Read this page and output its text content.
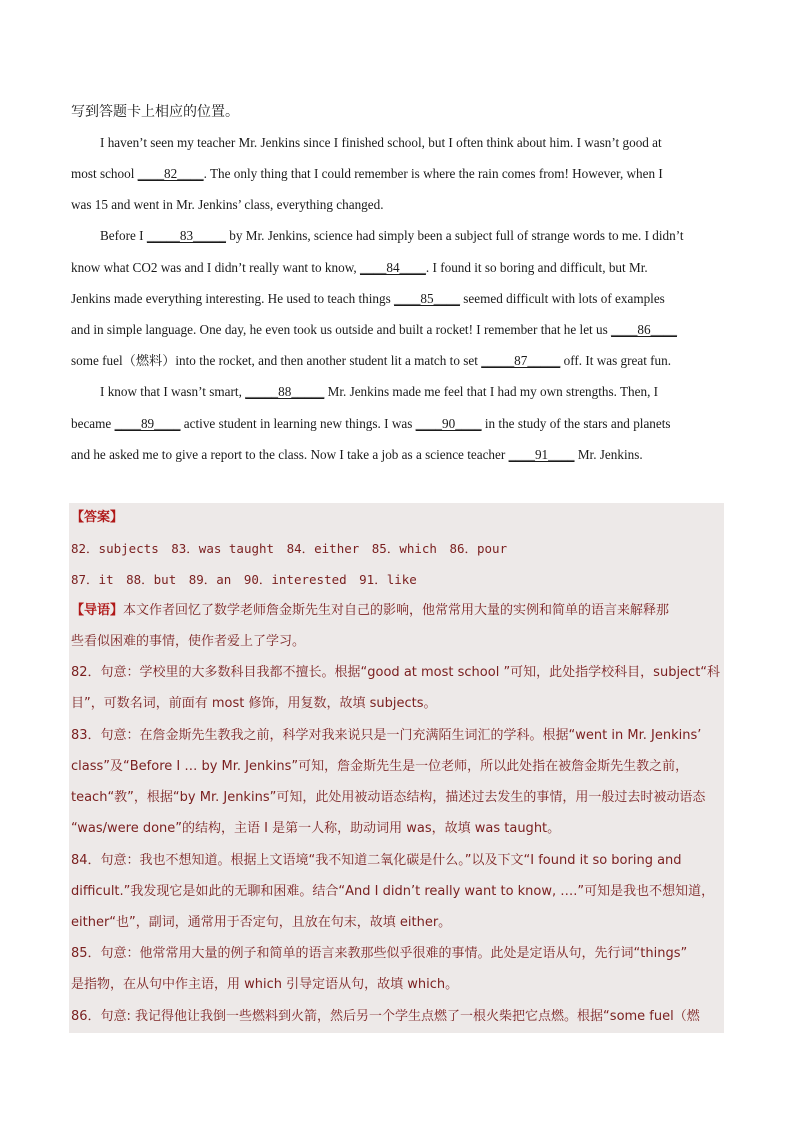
写到答题卡上相应的位置。
I haven’t seen my teacher Mr. Jenkins since I finished school, but I often think about him. I wasn’t good at
most school ____82____. The only thing that I could remember is where the rain comes from! However, when I
was 15 and went in Mr. Jenkins’ class, everything changed.
Before I _____83_____ by Mr. Jenkins, science had simply been a subject full of strange words to me. I didn’t
know what CO2 was and I didn’t really want to know, ____84____. I found it so boring and difficult, but Mr.
Jenkins made everything interesting. He used to teach things ____85____ seemed difficult with lots of examples
and in simple language. One day, he even took us outside and built a rocket! I remember that he let us ____86____
some fuel（燃料）into the rocket, and then another student lit a match to set _____87_____ off. It was great fun.
I know that I wasn’t smart, _____88_____ Mr. Jenkins made me feel that I had my own strengths. Then, I
became ____89____ active student in learning new things. I was ____90____ in the study of the stars and planets
and he asked me to give a report to the class. Now I take a job as a science teacher ____91____ Mr. Jenkins.
【答案】
82．subjects　83．was taught　84．either　85．which　86．pour
87．it　88．but　89．an　90．interested　91．like
【导语】本文作者回忆了数学老师詹金斯先生对自己的影响，他常常用大量的实例和简单的语言来解释那
些看似困难的事情，使作者爱上了学习。
82．句意：学校里的大多数科目我都不擅长。根据“good at most school ”可知，此处指学校科目，subject“科
目”，可数名词，前面有 most 修饰，用复数，故填 subjects。
83．句意：在詹金斯先生教我之前，科学对我来说只是一门充满陌生词汇的学科。根据“went in Mr. Jenkins’
class”及“Before I … by Mr. Jenkins”可知，詹金斯先生是一位老师，所以此处指在被詹金斯先生教之前，
teach“教”，根据“by Mr. Jenkins”可知，此处用被动语态结构，描述过去发生的事情，用一般过去时被动语态
“was/were done”的结构，主语 I 是第一人称，助动词用 was，故填 was taught。
84．句意：我也不想知道。根据上文语境“我不知道二氧化碳是什么。”以及下文“I found it so boring and
difficult.”我发现它是如此的无聊和困难。结合“And I didn’t really want to know, ….”可知是我也不想知道，
either“也”，副词，通常用于否定句，且放在句末，故填 either。
85．句意：他常常用大量的例子和简单的语言来教那些似乎很难的事情。此处是定语从句，先行词“things”
是指物，在从句中作主语，用 which 引导定语从句，故填 which。
86．句意: 我记得他让我倒一些燃料到火箭，然后另一个学生点燃了一根火柴把它点燃。根据“some fuel（燃
